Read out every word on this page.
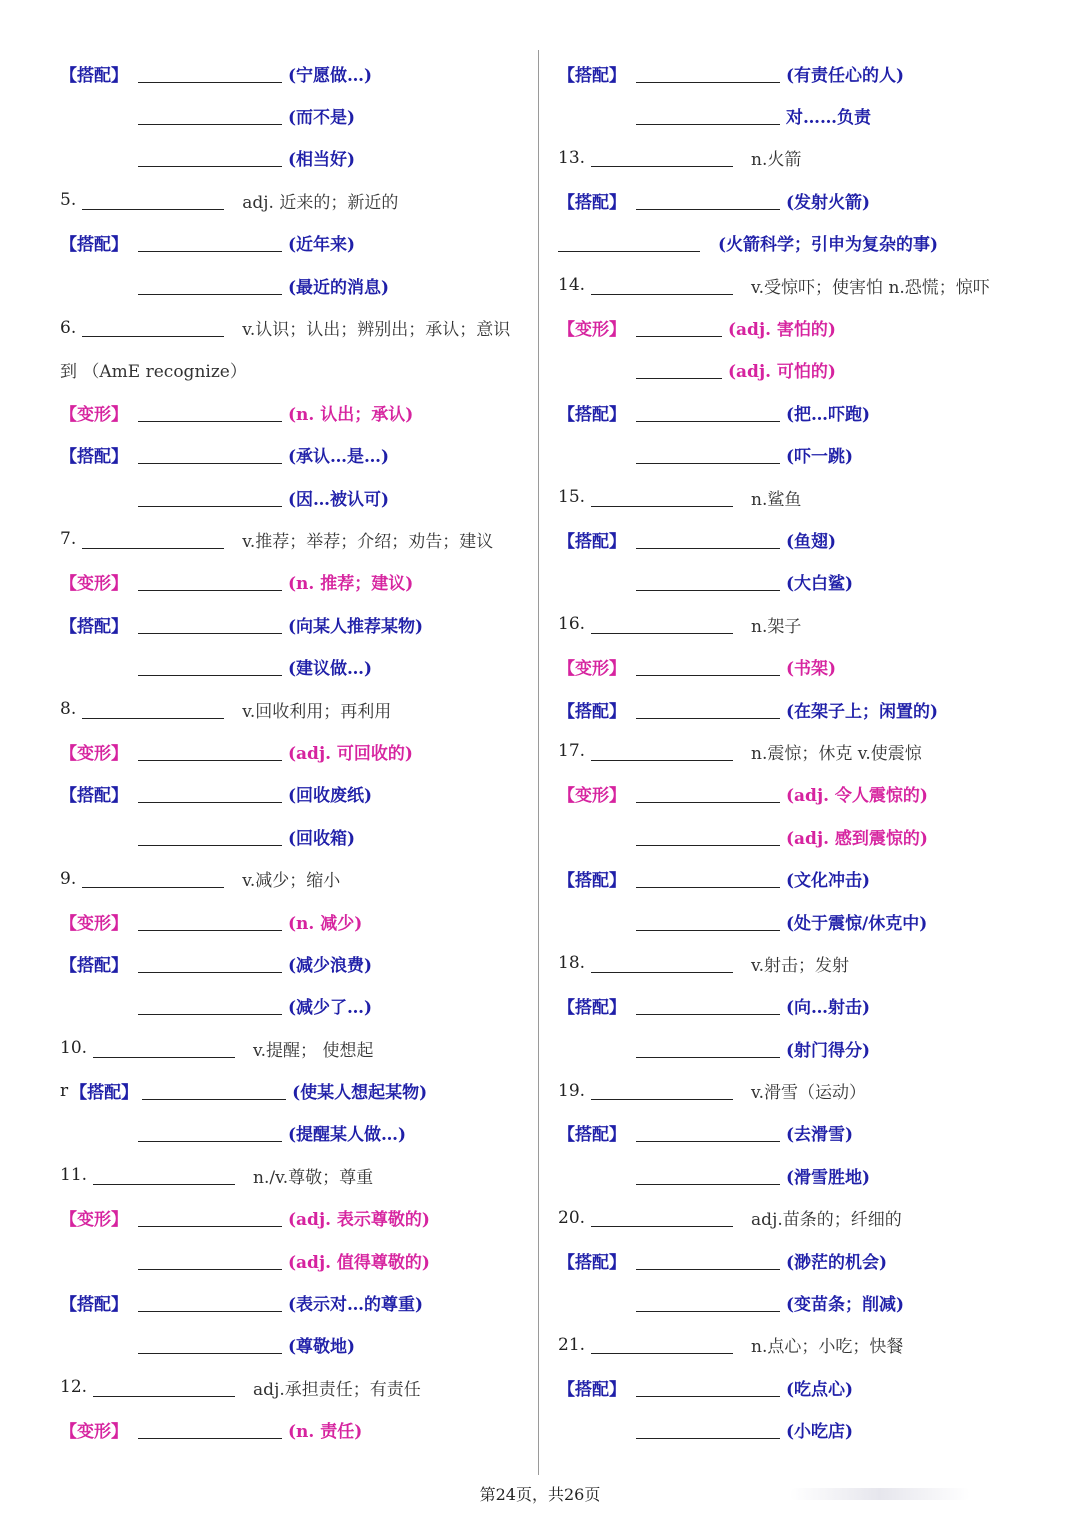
【搭配】	(宁愿做…)
(而不是)
(相当好)
5.	adj. 近来的；新近的
【搭配】	(近年来)
(最近的消息)
6.	v.认识；认出；辨别出；承认；意识
到 （AmE recognize）
【变形】	(n. 认出；承认)
【搭配】	(承认…是…)
(因…被认可)
7.	v.推荐；举荐；介绍；劝告；建议
【变形】	(n. 推荐；建议)
【搭配】	(向某人推荐某物)
(建议做…)
8.	v.回收利用；再利用
【变形】	(adj. 可回收的)
【搭配】	(回收废纸)
(回收箱)
9.	v.减少；缩小
【变形】	(n. 减少)
【搭配】	(减少浪费)
(减少了…)
10.	v.提醒； 使想起
r 【搭配】	(使某人想起某物)
(提醒某人做…)
11.	n./v.尊敬；尊重
【变形】	(adj. 表示尊敬的)
(adj. 值得尊敬的)
【搭配】	(表示对…的尊重)
(尊敬地)
12.	adj.承担责任；有责任
【变形】	(n. 责任)
【搭配】	(有责任心的人)
对……负责
13.	n.火箭
【搭配】	(发射火箭)
(火箭科学；引申为复杂的事)
14.	v.受惊吓；使害怕 n.恐慌；惊吓
【变形】	(adj. 害怕的)
(adj. 可怕的)
【搭配】	(把…吓跑)
(吓一跳)
15.	n.鲨鱼
【搭配】	(鱼翅)
(大白鲨)
16.	n.架子
【变形】	(书架)
【搭配】	(在架子上；闲置的)
17.	n.震惊；休克 v.使震惊
【变形】	(adj. 令人震惊的)
(adj. 感到震惊的)
【搭配】	(文化冲击)
(处于震惊/休克中)
18.	v.射击；发射
【搭配】	(向…射击)
(射门得分)
19.	v.滑雪（运动）
【搭配】	(去滑雪)
(滑雪胜地)
20.	adj.苗条的；纤细的
【搭配】	(渺茫的机会)
(变苗条；削减)
21.	n.点心；小吃；快餐
【搭配】	(吃点心)
(小吃店)
第24页，共26页
